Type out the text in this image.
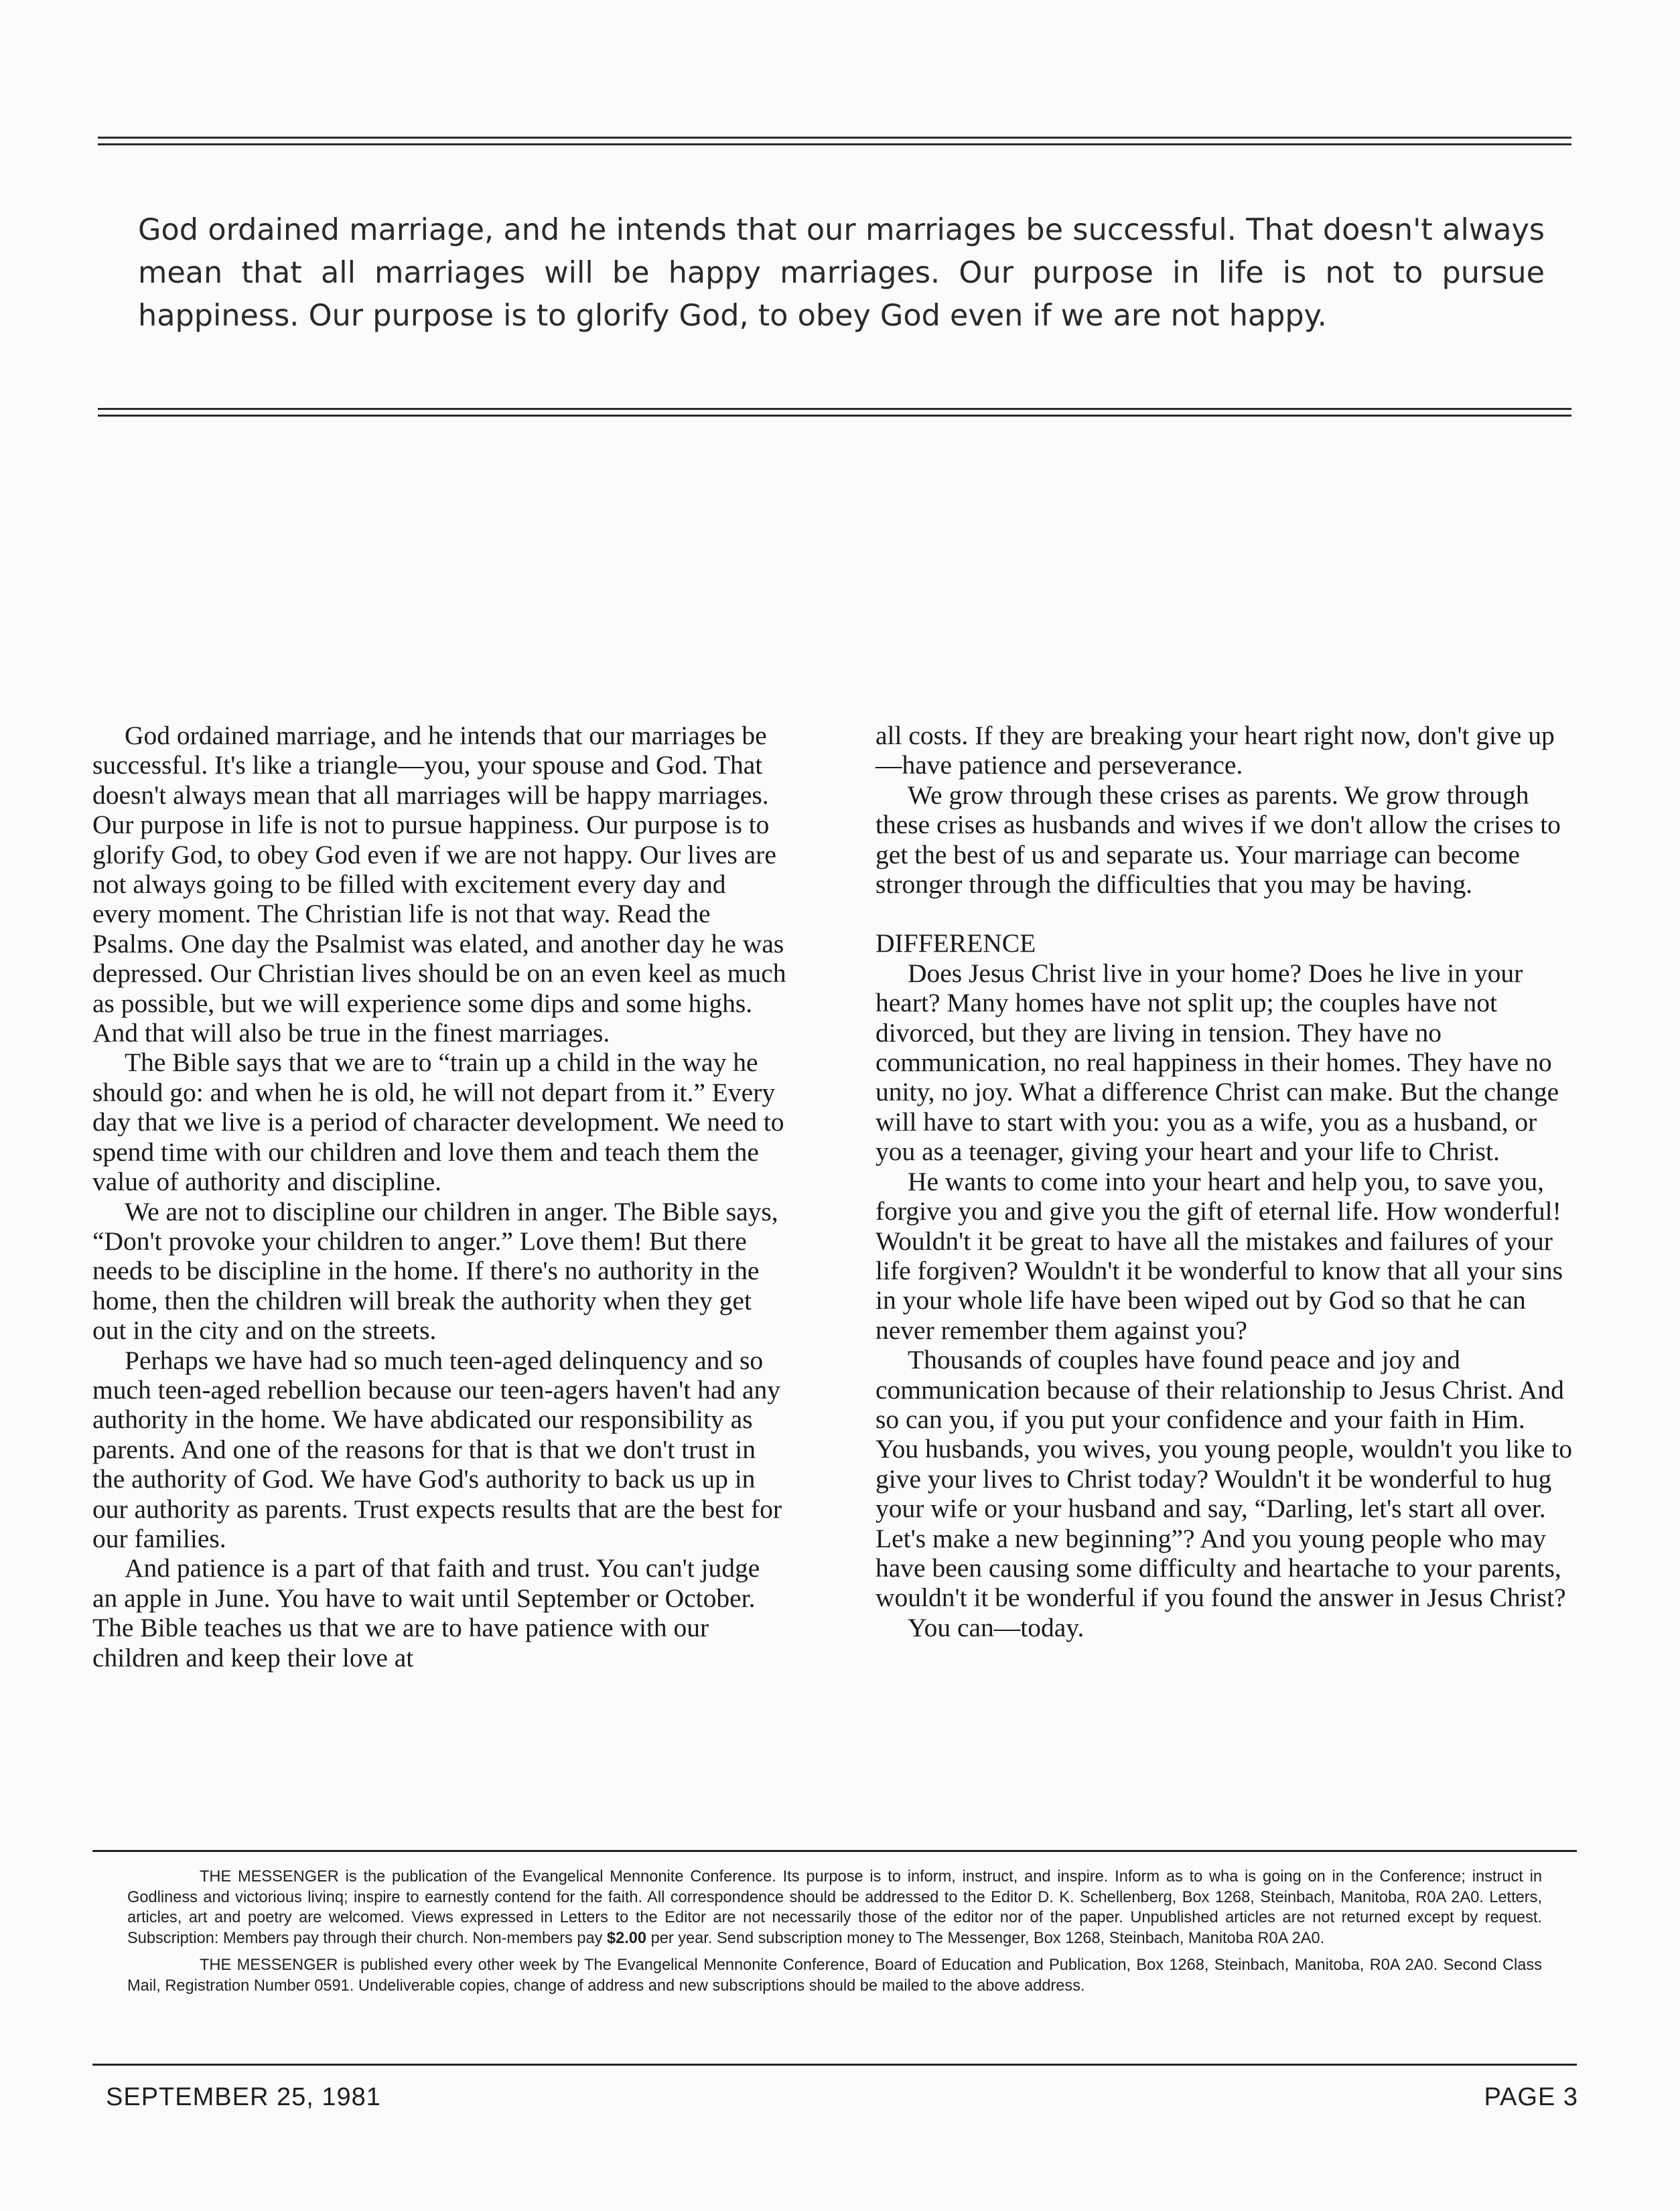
God ordained marriage, and he intends that our marriages be successful. That doesn't always mean that all marriages will be happy marriages. Our purpose in life is not to pursue happiness. Our purpose is to glorify God, to obey God even if we are not happy.

God ordained marriage, and he intends that our marriages be successful. It's like a triangle—you, your spouse and God. That doesn't always mean that all marriages will be happy marriages. Our purpose in life is not to pursue happiness. Our purpose is to glorify God, to obey God even if we are not happy. Our lives are not always going to be filled with excitement every day and every moment. The Christian life is not that way. Read the Psalms. One day the Psalmist was elated, and another day he was depressed. Our Christian lives should be on an even keel as much as possible, but we will experience some dips and some highs. And that will also be true in the finest marriages.

The Bible says that we are to “train up a child in the way he should go: and when he is old, he will not depart from it.” Every day that we live is a period of character development. We need to spend time with our children and love them and teach them the value of authority and discipline.

We are not to discipline our children in anger. The Bible says, “Don't provoke your children to anger.” Love them! But there needs to be discipline in the home. If there's no authority in the home, then the children will break the authority when they get out in the city and on the streets.

Perhaps we have had so much teen-aged delinquency and so much teen-aged rebellion because our teen-agers haven't had any authority in the home. We have abdicated our responsibility as parents. And one of the reasons for that is that we don't trust in the authority of God. We have God's authority to back us up in our authority as parents. Trust expects results that are the best for our families.

And patience is a part of that faith and trust. You can't judge an apple in June. You have to wait until September or October. The Bible teaches us that we are to have patience with our children and keep their love at

all costs. If they are breaking your heart right now, don't give up—have patience and perseverance.

We grow through these crises as parents. We grow through these crises as husbands and wives if we don't allow the crises to get the best of us and separate us. Your marriage can become stronger through the difficulties that you may be having.

DIFFERENCE

Does Jesus Christ live in your home? Does he live in your heart? Many homes have not split up; the couples have not divorced, but they are living in tension. They have no communication, no real happiness in their homes. They have no unity, no joy. What a difference Christ can make. But the change will have to start with you: you as a wife, you as a husband, or you as a teenager, giving your heart and your life to Christ.

He wants to come into your heart and help you, to save you, forgive you and give you the gift of eternal life. How wonderful! Wouldn't it be great to have all the mistakes and failures of your life forgiven? Wouldn't it be wonderful to know that all your sins in your whole life have been wiped out by God so that he can never remember them against you?

Thousands of couples have found peace and joy and communication because of their relationship to Jesus Christ. And so can you, if you put your confidence and your faith in Him. You husbands, you wives, you young people, wouldn't you like to give your lives to Christ today? Wouldn't it be wonderful to hug your wife or your husband and say, “Darling, let's start all over. Let's make a new beginning”? And you young people who may have been causing some difficulty and heartache to your parents, wouldn't it be wonderful if you found the answer in Jesus Christ?

You can—today.

THE MESSENGER is the publication of the Evangelical Mennonite Conference. Its purpose is to inform, instruct, and inspire. Inform as to wha is going on in the Conference; instruct in Godliness and victorious livinq; inspire to earnestly contend for the faith. All correspondence should be addressed to the Editor D. K. Schellenberg, Box 1268, Steinbach, Manitoba, R0A 2A0. Letters, articles, art and poetry are welcomed. Views expressed in Letters to the Editor are not necessarily those of the editor nor of the paper. Unpublished articles are not returned except by request. Subscription: Members pay through their church. Non-members pay $2.00 per year. Send subscription money to The Messenger, Box 1268, Steinbach, Manitoba R0A 2A0.

THE MESSENGER is published every other week by The Evangelical Mennonite Conference, Board of Education and Publication, Box 1268, Steinbach, Manitoba, R0A 2A0. Second Class Mail, Registration Number 0591. Undeliverable copies, change of address and new subscriptions should be mailed to the above address.

SEPTEMBER 25, 1981	PAGE 3
